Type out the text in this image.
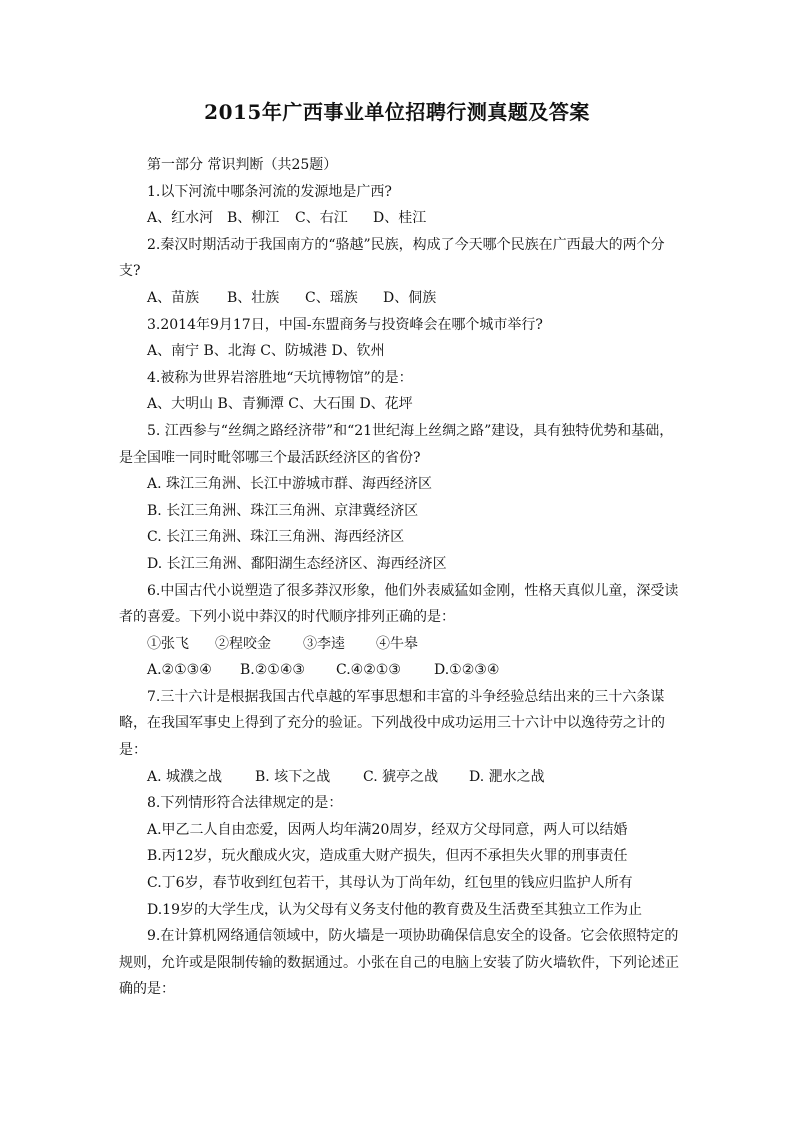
2015年广西事业单位招聘行测真题及答案
第一部分 常识判断（共25题）
1.以下河流中哪条河流的发源地是广西?
A、红水河 B、柳江 C、右江 D、桂江
2.秦汉时期活动于我国南方的“骆越”民族，构成了今天哪个民族在广西最大的两个分支?
A、苗族 B、壮族 C、瑶族 D、侗族
3.2014年9月17日，中国-东盟商务与投资峰会在哪个城市举行?
A、南宁 B、北海 C、防城港 D、钦州
4.被称为世界岩溶胜地“天坑博物馆”的是：
A、大明山 B、青狮潭 C、大石围 D、花坪
5. 江西参与“丝绸之路经济带”和“21世纪海上丝绸之路”建设，具有独特优势和基础，是全国唯一同时毗邻哪三个最活跃经济区的省份?
A. 珠江三角洲、长江中游城市群、海西经济区
B. 长江三角洲、珠江三角洲、京津冀经济区
C. 长江三角洲、珠江三角洲、海西经济区
D. 长江三角洲、鄱阳湖生态经济区、海西经济区
6.中国古代小说塑造了很多莽汉形象，他们外表威猛如金刚，性格天真似儿童，深受读者的喜爱。下列小说中莽汉的时代顺序排列正确的是：
①张飞 ②程咬金 ③李逵 ④牛皋
A.②①③④ B.②①④③ C.④②①③ D.①②③④
7.三十六计是根据我国古代卓越的军事思想和丰富的斗争经验总结出来的三十六条谋略，在我国军事史上得到了充分的验证。下列战役中成功运用三十六计中以逸待劳之计的是：
A. 城濮之战 B. 垓下之战 C. 猇亭之战 D. 淝水之战
8.下列情形符合法律规定的是：
A.甲乙二人自由恋爱，因两人均年满20周岁，经双方父母同意，两人可以结婚
B.丙12岁，玩火酿成火灾，造成重大财产损失，但丙不承担失火罪的刑事责任
C.丁6岁，春节收到红包若干，其母认为丁尚年幼，红包里的钱应归监护人所有
D.19岁的大学生戊，认为父母有义务支付他的教育费及生活费至其独立工作为止
9.在计算机网络通信领域中，防火墙是一项协助确保信息安全的设备。它会依照特定的规则，允许或是限制传输的数据通过。小张在自己的电脑上安装了防火墙软件，下列论述正确的是：
